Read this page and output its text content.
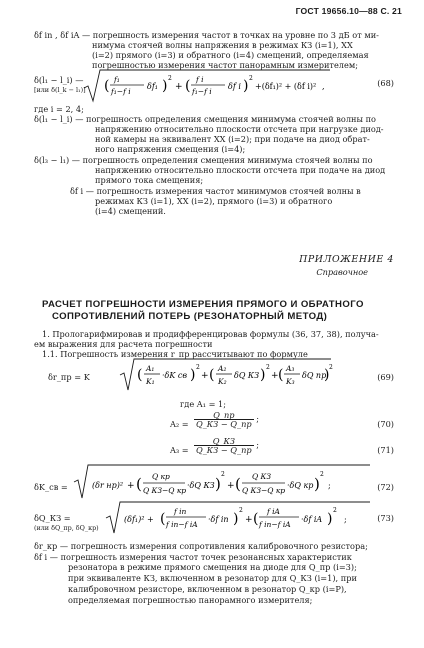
ГОСТ 19656.10—88 С. 21
δf in , δf iA — погрешность измерения частот в точках на уровне по 3 дБ от ми-
нимума стоячей волны напряжения в режимах КЗ (i=1), ХХ
(i=2) прямого (i=3) и обратного (i=4) смещений, определяемая
погрешностью измерения частот панорамным измерителем;
δ(l₁ − l_i) —
[или δ(l_k − l₁)] ( f₁
f₁−f i
δf₁ ) 2
+ ( f i
f₁−f i
δf i ) 2
+(δf₁)² + (δf i)² ,	(68)
где i = 2, 4;
δ(l₁ − l_i) — погрешность определения смещения минимума стоячей волны по
напряжению относительно плоскости отсчета при нагрузке диод-
ной камеры на эквивалент ХХ (i=2); при подаче на диод обрат-
ного напряжения смещения (i=4);
δ(l₃ − l₁) — погрешность определения смещения минимума стоячей волны по
напряжению относительно плоскости отсчета при подаче на диод
прямого тока смещения;
δf i — погрешность измерения частот минимумов стоячей волны в
режимах КЗ (i=1), ХХ (i=2), прямого (i=3) и обратного
(i=4) смещений.
ПРИЛОЖЕНИЕ 4
Справочное
РАСЧЕТ ПОГРЕШНОСТИ ИЗМЕРЕНИЯ ПРЯМОГО И ОБРАТНОГО
СОПРОТИВЛЕНИЙ ПОТЕРЬ (РЕЗОНАТОРНЫЙ МЕТОД)
1. Прологарифмировав и продифференцировав формулы (36, 37, 38), получа-
ем выражения для расчета погрешности
1.1. Погрешность измерения r_пр рассчитывают по формуле
δr_пр = K	( A₁
K₁
·δK св ) 2
+ ( A₂
K₂
δQ КЗ ) 2
+ ( A₃
K₃
δQ пр
) 2
(69)
где A₁ = 1;
$A_2 = \frac{Q\_пр}{Q\_КЗ - Q\_пр}$ ;
(70)
$A_3 = \frac{Q\_КЗ}{Q\_КЗ - Q\_пр}$ ;
(71)
δK_св =	(δr нр)² + ( Q кр
Q КЗ−Q кр
·δQ КЗ )
2
+ ( Q КЗ
Q КЗ−Q кр
·δQ кр )
2
;	(72)
δQ_КЗ =
(или δQ_пр, δQ_кр)
(δf₁)² + ( f in
f in−f iA
·δf in )
2
+ ( f iA
f in−f iA
·δf iA )
2
;	(73)
δr_кр — погрешность измерения сопротивления калибровочного резистора;
δf i — погрешность измерения частот точек резонансных характеристик
резонатора в режиме прямого смещения на диоде для Q_пр (i=3);
при эквиваленте КЗ, включенном в резонатор для Q_КЗ (i=1), при
калибровочном резисторе, включенном в резонатор Q_кр (i=Р),
определяемая погрешностью панорамного измерителя;
